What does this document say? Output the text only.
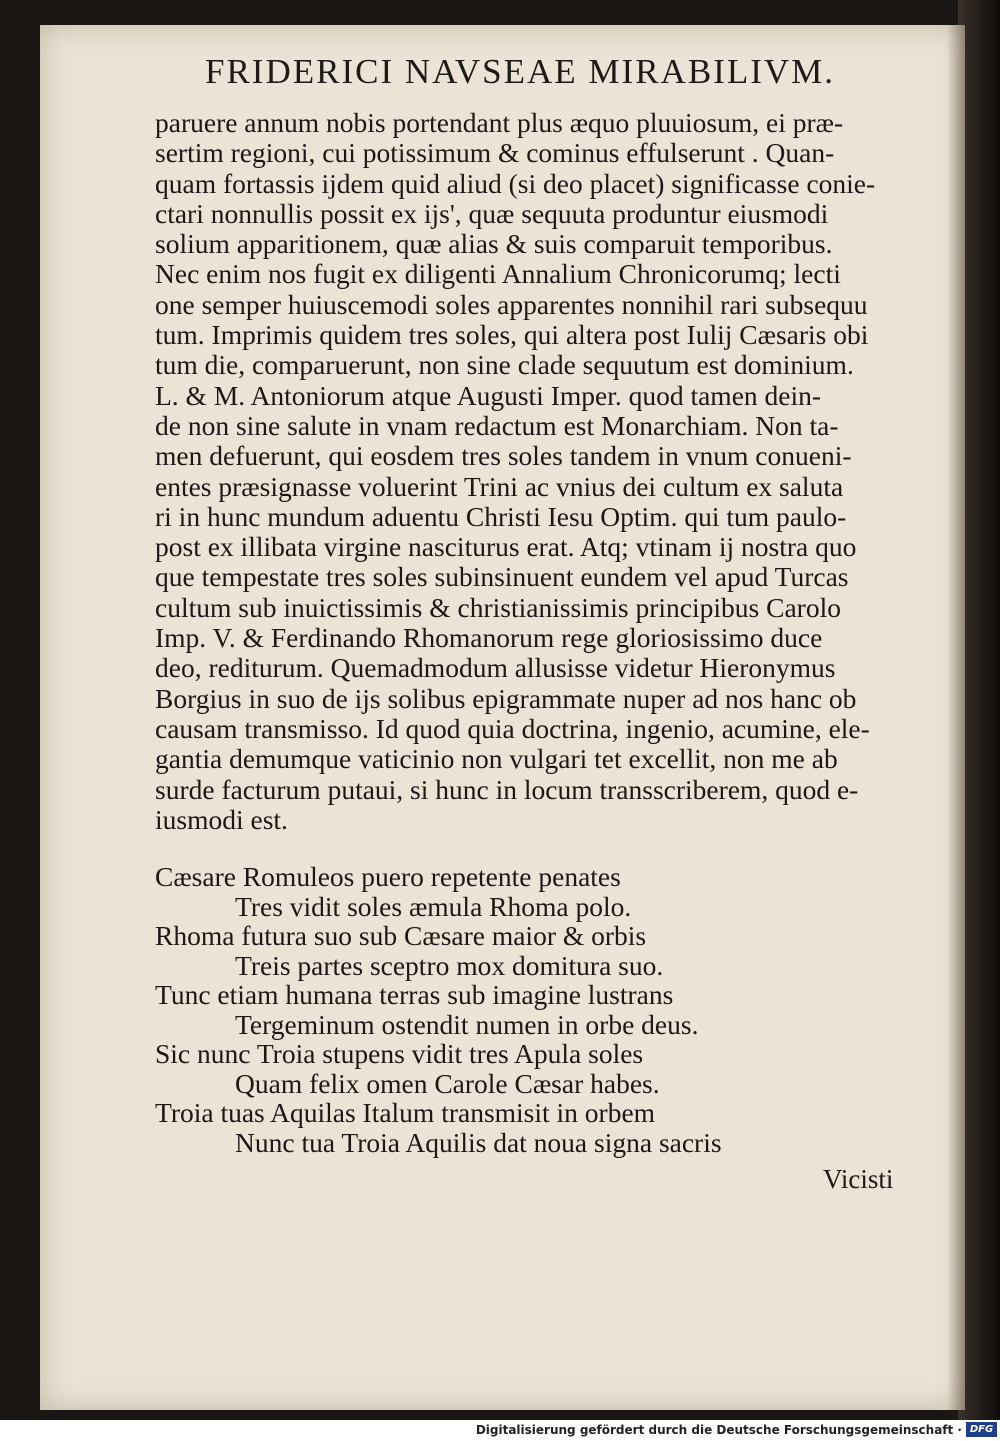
FRIDERICI NAVSEAE MIRABILIVM.
paruere annum nobis portendant plus æquo pluuiosum, ei præ-
sertim regioni, cui potissimum & cominus effulserunt . Quan-
quam fortassis ijdem quid aliud (si deo placet) significasse conie-
ctari nonnullis possit ex ijs', quæ sequuta produntur eiusmodi
solium apparitionem, quæ alias & suis comparuit temporibus.
Nec enim nos fugit ex diligenti Annalium Chronicorumq; lecti
one semper huiuscemodi soles apparentes nonnihil rari subsequu
tum. Imprimis quidem tres soles, qui altera post Iulij Cæsaris obi
tum die, comparuerunt, non sine clade sequutum est dominium.
L. & M. Antoniorum atque Augusti Imper. quod tamen dein-
de non sine salute in vnam redactum est Monarchiam. Non ta-
men defuerunt, qui eosdem tres soles tandem in vnum conueni-
entes præsignasse voluerint Trini ac vnius dei cultum ex saluta
ri in hunc mundum aduentu Christi Iesu Optim. qui tum paulo-
post ex illibata virgine nasciturus erat. Atq; vtinam ij nostra quo
que tempestate tres soles subinsinuent eundem vel apud Turcas
cultum sub inuictissimis & christianissimis principibus Carolo
Imp. V. & Ferdinando Rhomanorum rege gloriosissimo duce
deo, rediturum. Quemadmodum allusisse videtur Hieronymus
Borgius in suo de ijs solibus epigrammate nuper ad nos hanc ob
causam transmisso. Id quod quia doctrina, ingenio, acumine, ele-
gantia demumque vaticinio non vulgari tet excellit, non me ab
surde facturum putaui, si hunc in locum transscriberem, quod e-
iusmodi est.
Cæsare Romuleos puero repetente penates
Tres vidit soles æmula Rhoma polo.
Rhoma futura suo sub Cæsare maior & orbis
Treis partes sceptro mox domitura suo.
Tunc etiam humana terras sub imagine lustrans
Tergeminum ostendit numen in orbe deus.
Sic nunc Troia stupens vidit tres Apula soles
Quam felix omen Carole Cæsar habes.
Troia tuas Aquilas Italum transmisit in orbem
Nunc tua Troia Aquilis dat noua signa sacris
Vicisti
Digitalisierung gefördert durch die Deutsche Forschungsgemeinschaft · DFG
